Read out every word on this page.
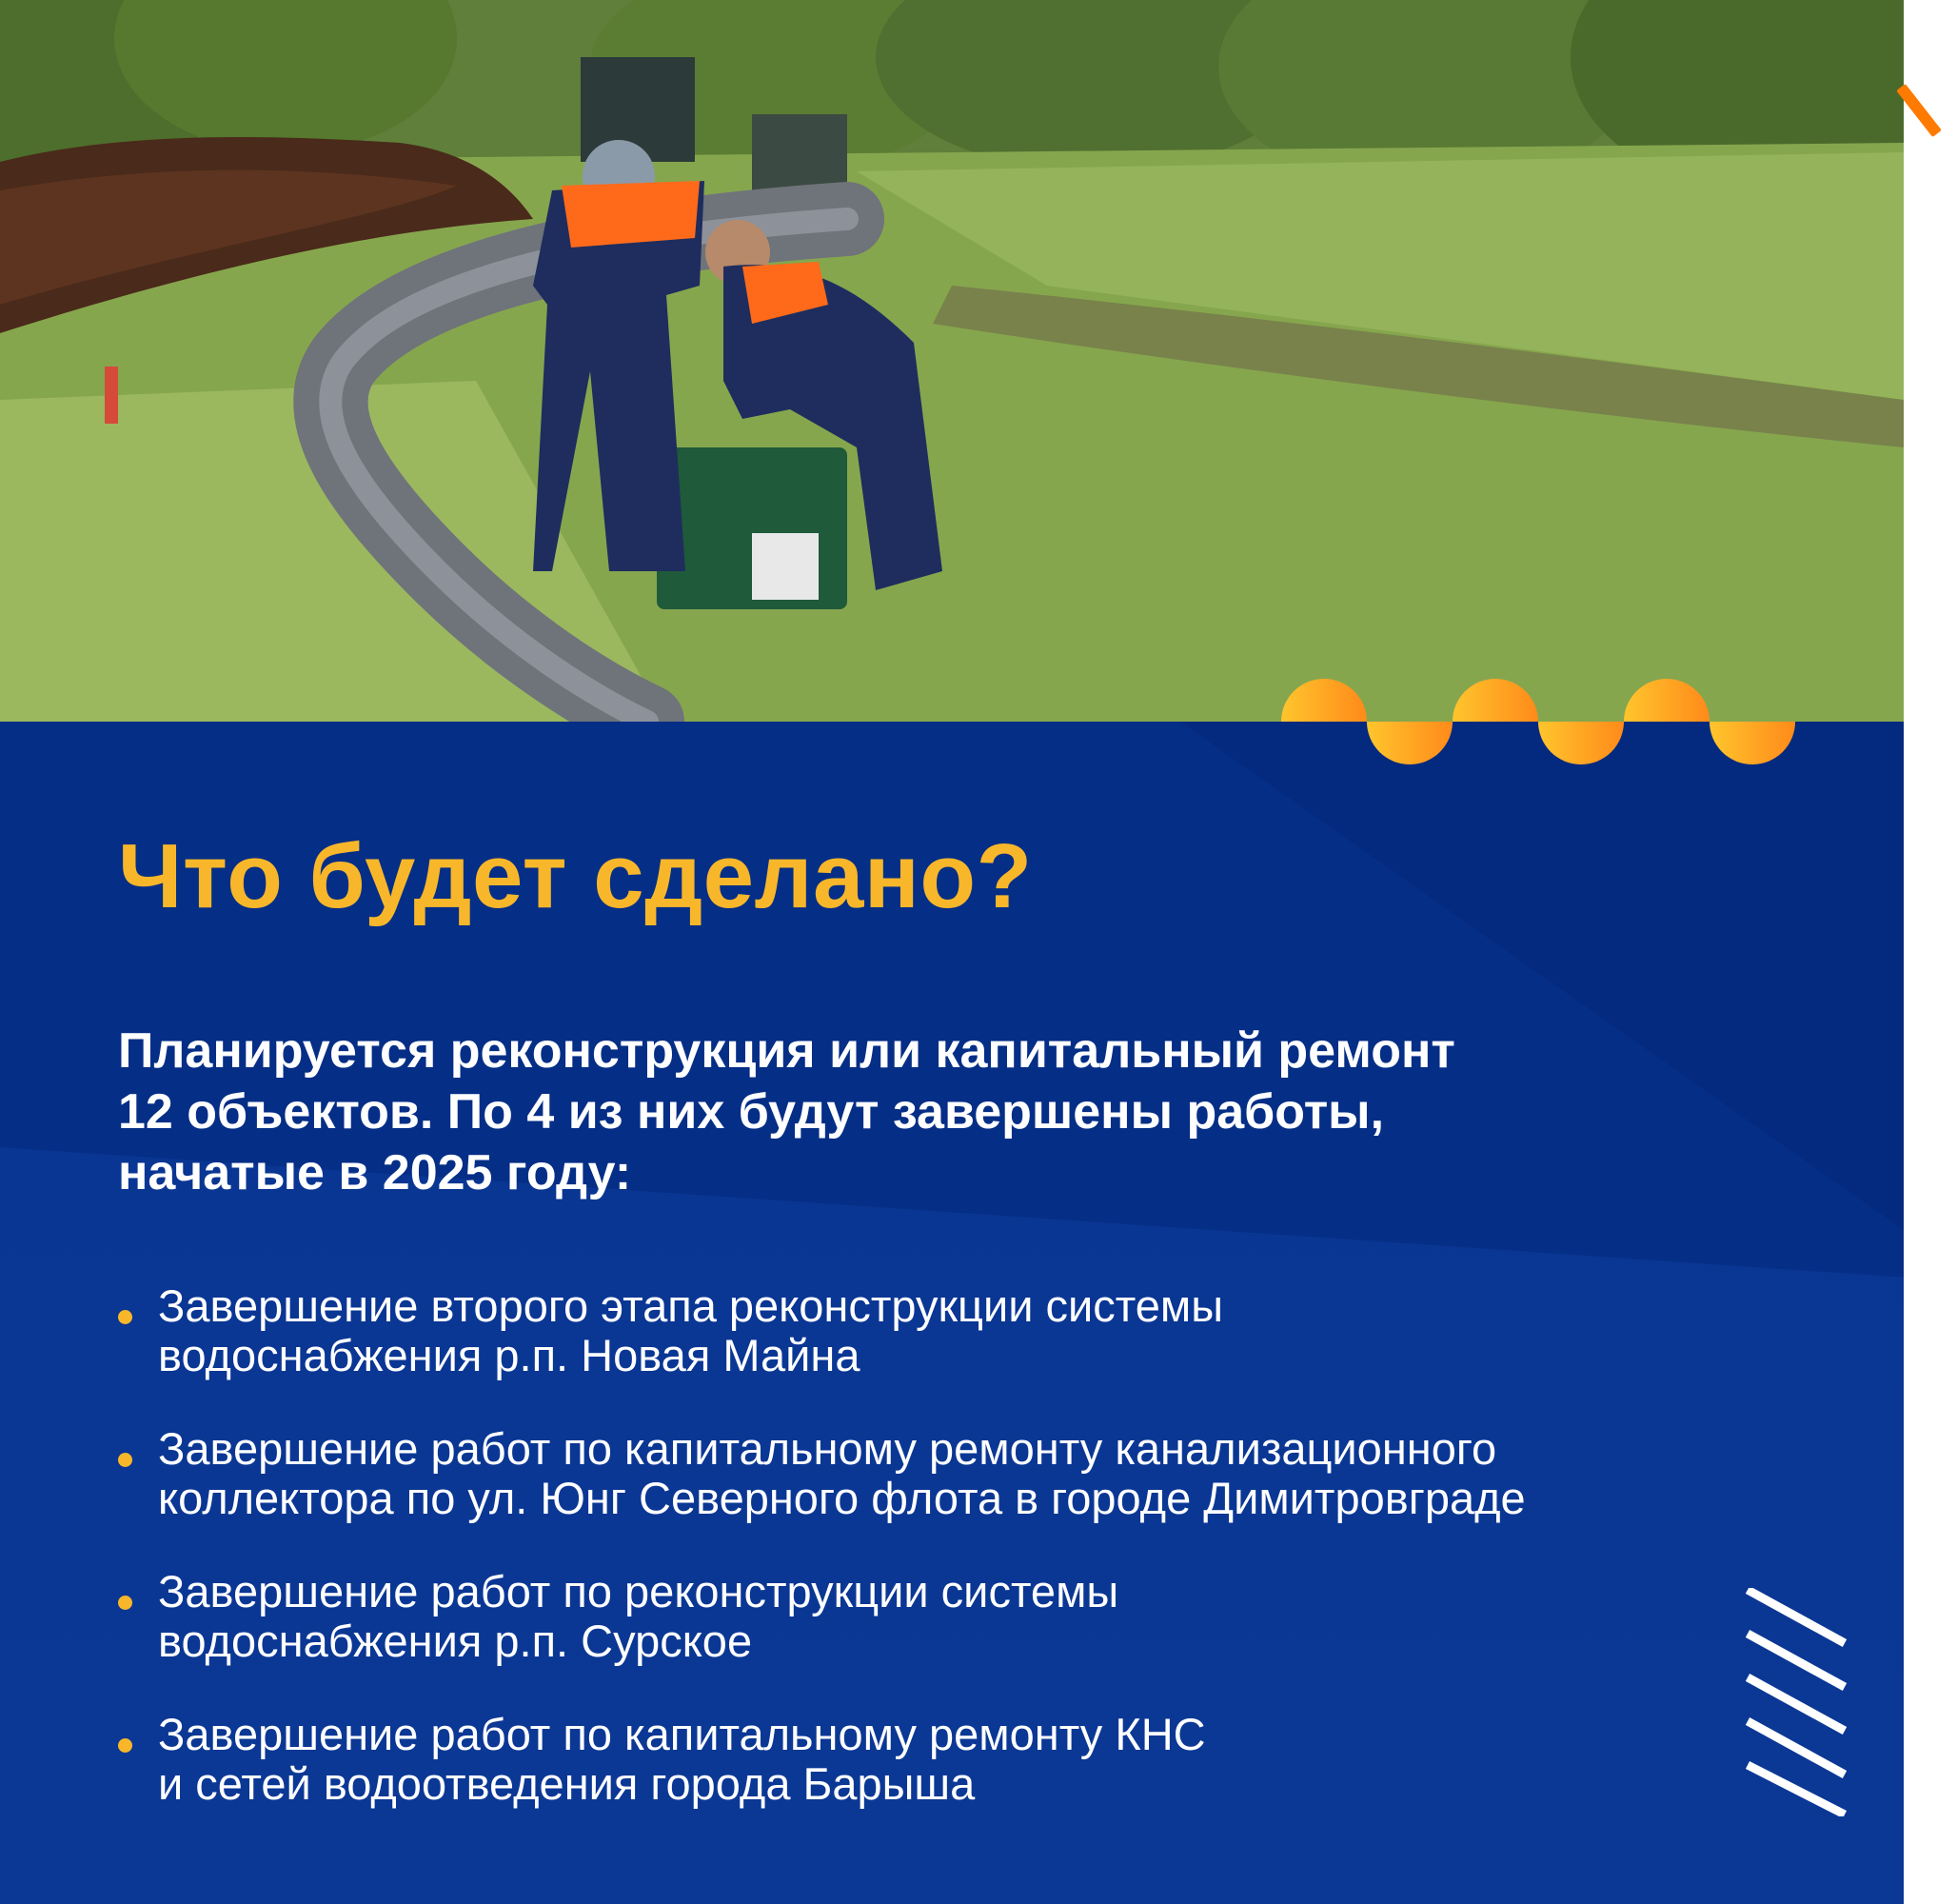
Что будет сделано?

Планируется реконструкция или капитальный ремонт
12 объектов. По 4 из них будут завершены работы,
начатые в 2025 году:

Завершение второго этапа реконструкции системы
водоснабжения р.п. Новая Майна
Завершение работ по капитальному ремонту канализационного
коллектора по ул. Юнг Северного флота в городе Димитровграде
Завершение работ по реконструкции системы
водоснабжения р.п. Сурское
Завершение работ по капитальному ремонту КНС
и сетей водоотведения города Барыша
